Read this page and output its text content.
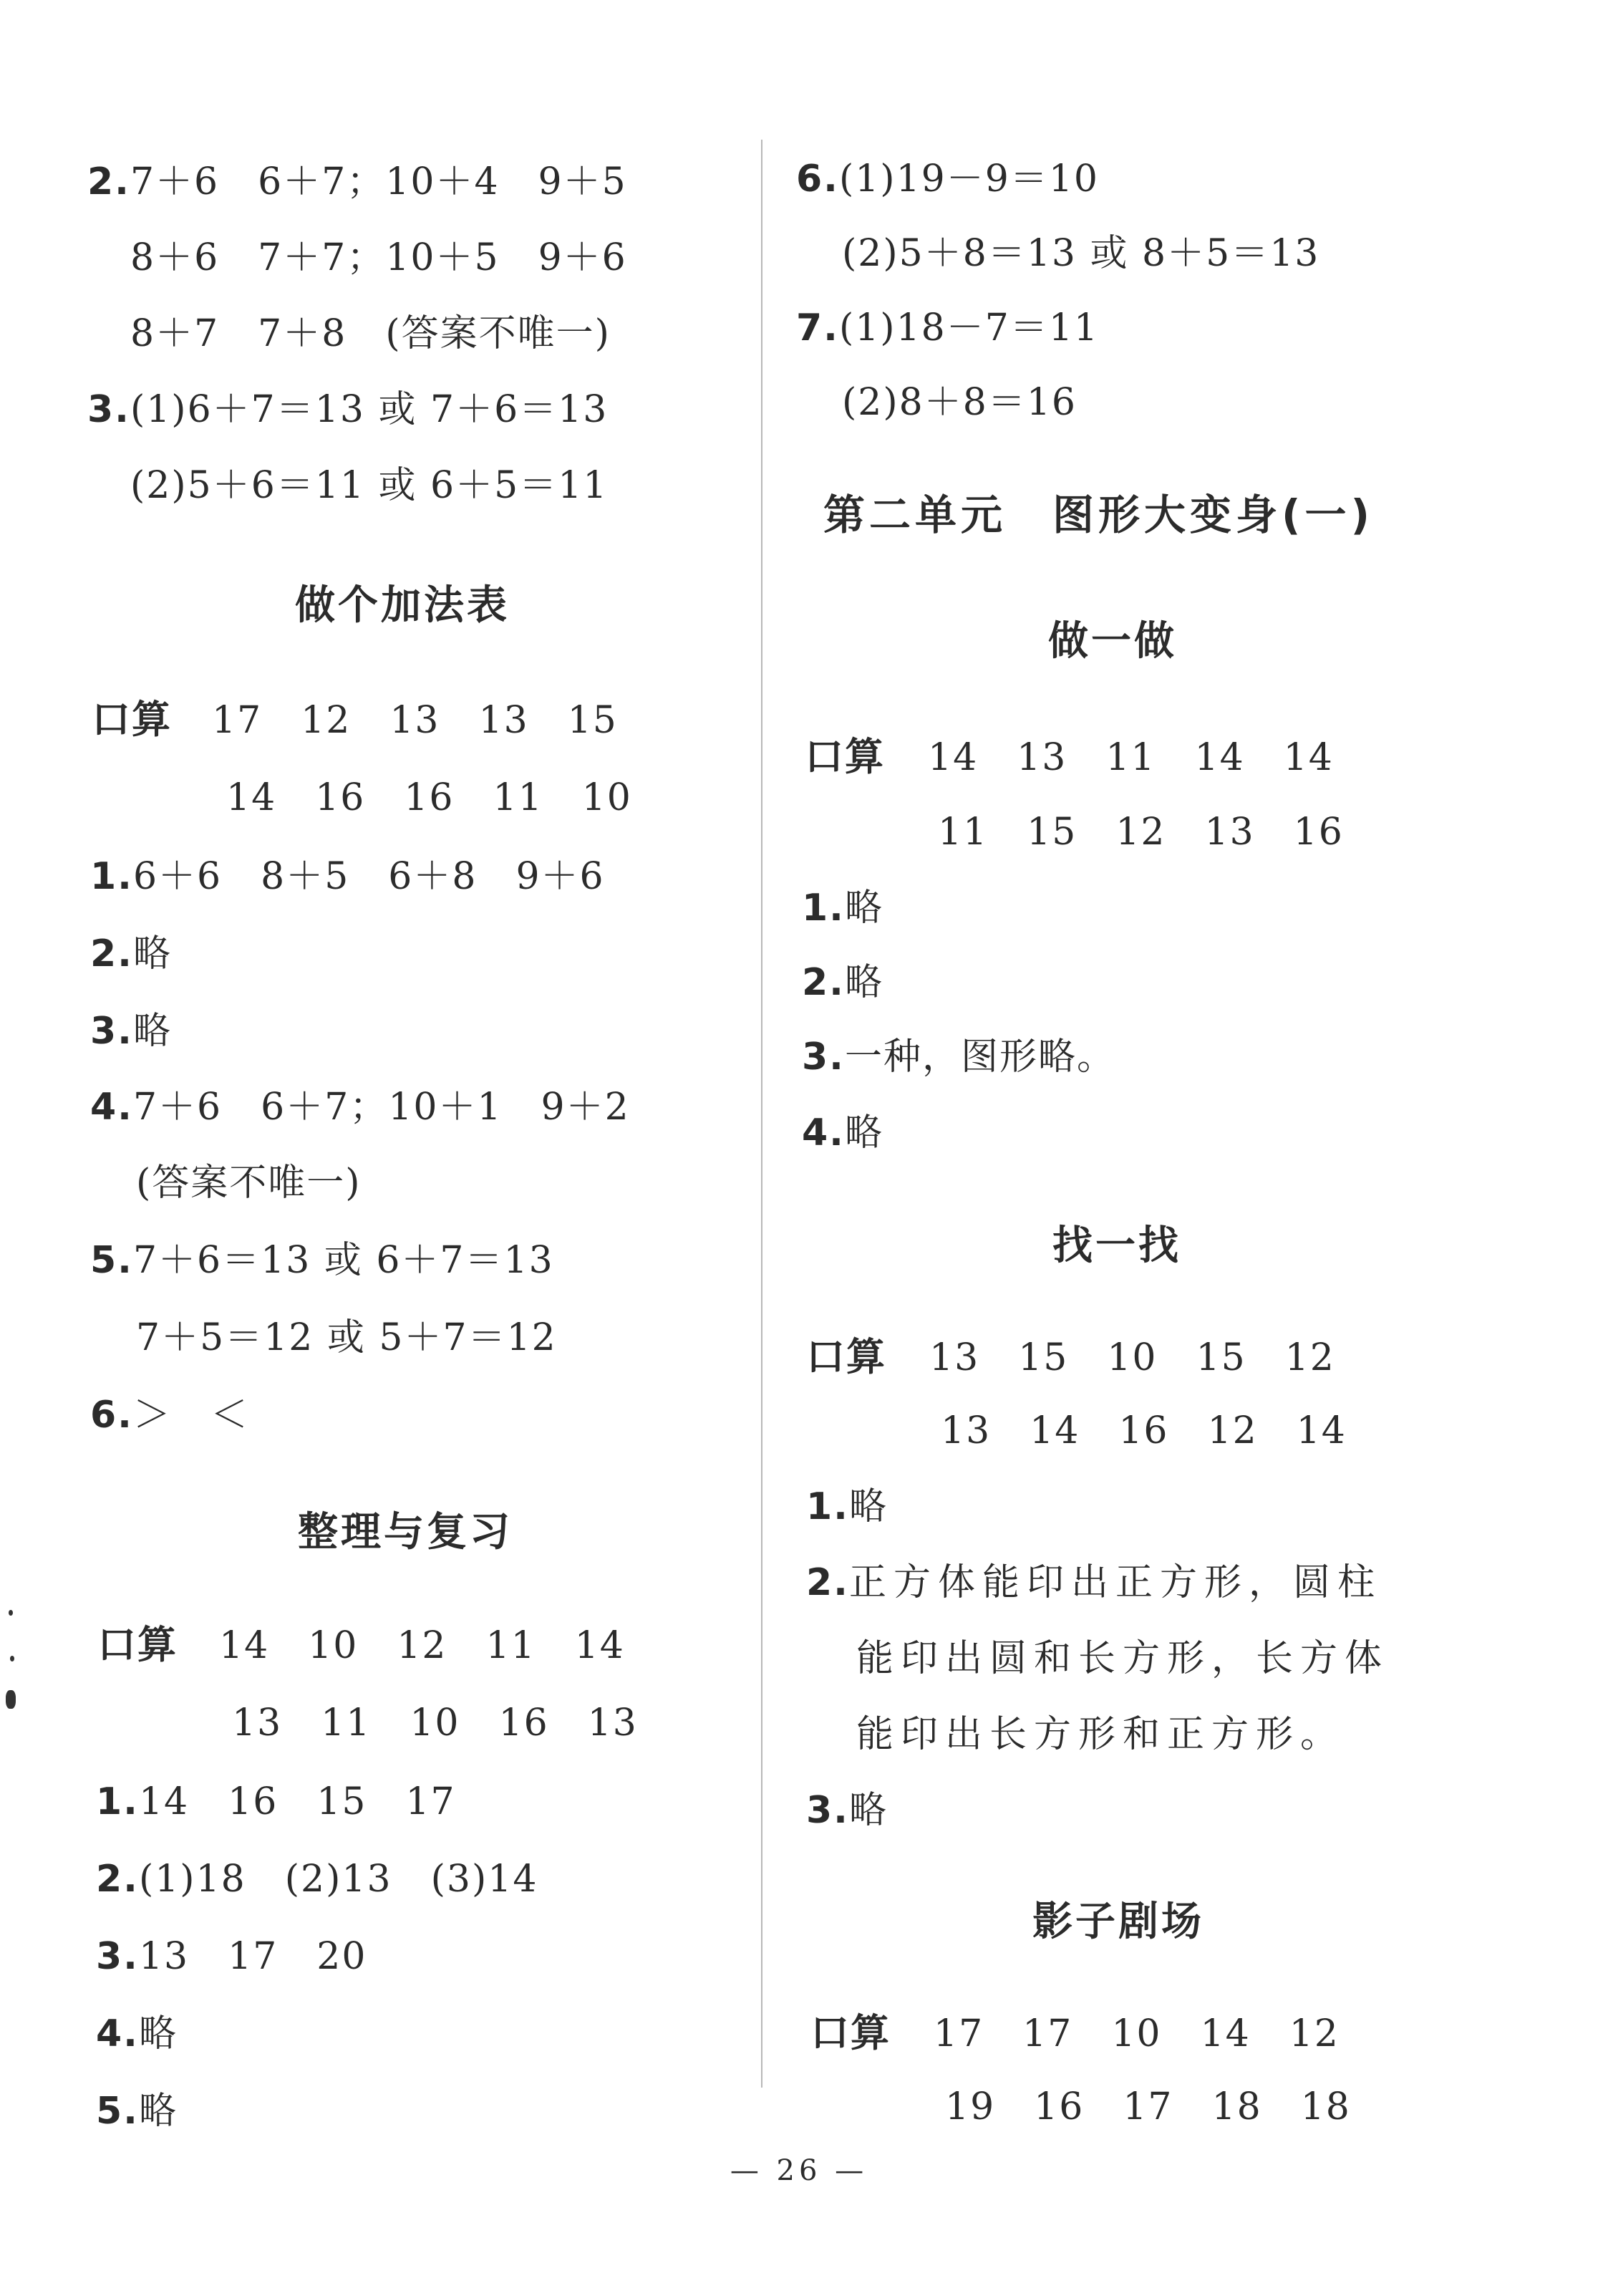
2.7＋6　6＋7；10＋4　9＋5
8＋6　7＋7；10＋5　9＋6
8＋7　7＋8　(答案不唯一)
3.(1)6＋7＝13 或 7＋6＝13
(2)5＋6＝11 或 6＋5＝11
做个加法表
口算 17　12　13　13　15
14　16　16　11　10
1.6＋6　8＋5　6＋8　9＋6
2.略
3.略
4.7＋6　6＋7；10＋1　9＋2
(答案不唯一)
5.7＋6＝13 或 6＋7＝13
7＋5＝12 或 5＋7＝12
6.＞　＜
整理与复习
口算 14　10　12　11　14
13　11　10　16　13
1.14　16　15　17
2.(1)18　(2)13　(3)14
3.13　17　20
4.略
5.略
6.(1)19－9＝10
(2)5＋8＝13 或 8＋5＝13
7.(1)18－7＝11
(2)8＋8＝16
第二单元　图形大变身(一)
做一做
口算 14　13　11　14　14
11　15　12　13　16
1.略
2.略
3.一种，图形略。
4.略
找一找
口算 13　15　10　15　12
13　14　16　12　14
1.略
2.正方体能印出正方形，圆柱
能印出圆和长方形，长方体
能印出长方形和正方形。
3.略
影子剧场
口算 17　17　10　14　12
19　16　17　18　18
— 26 —
